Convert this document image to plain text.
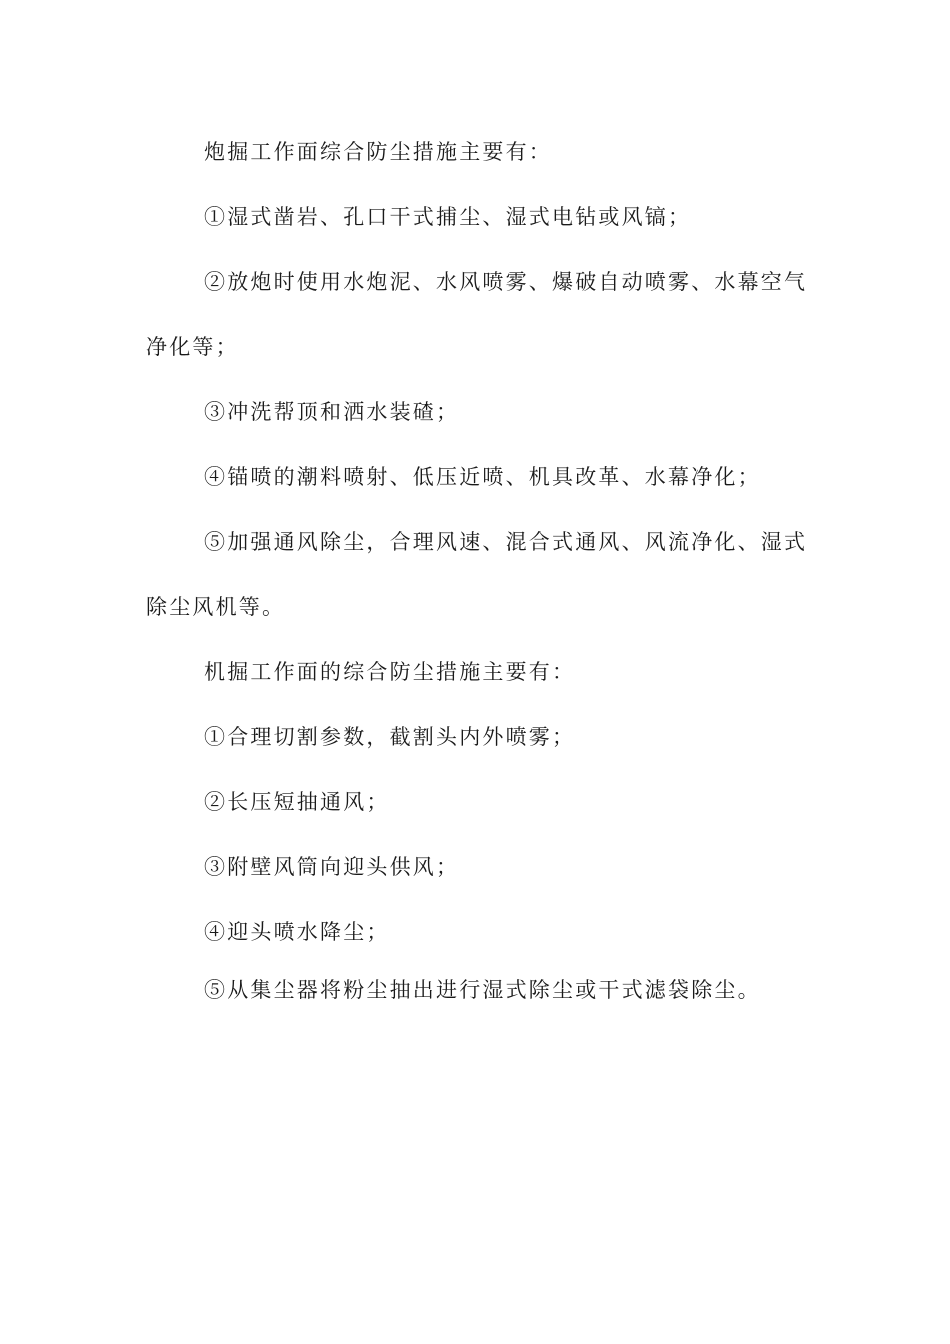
炮掘工作面综合防尘措施主要有：

①湿式凿岩、孔口干式捕尘、湿式电钻或风镐；

②放炮时使用水炮泥、水风喷雾、爆破自动喷雾、水幕空气净化等；

③冲洗帮顶和洒水装碴；

④锚喷的潮料喷射、低压近喷、机具改革、水幕净化；

⑤加强通风除尘，合理风速、混合式通风、风流净化、湿式除尘风机等。

机掘工作面的综合防尘措施主要有：

①合理切割参数，截割头内外喷雾；

②长压短抽通风；

③附壁风筒向迎头供风；

④迎头喷水降尘；

⑤从集尘器将粉尘抽出进行湿式除尘或干式滤袋除尘。
